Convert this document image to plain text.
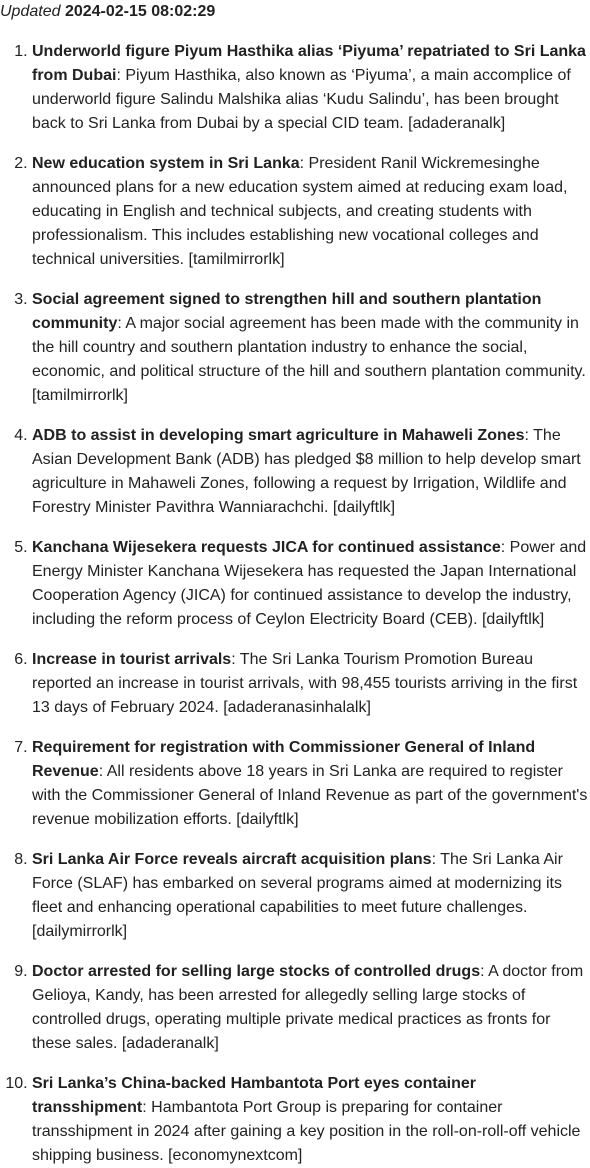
Updated 2024-02-15 08:02:29
1. Underworld figure Piyum Hasthika alias ‘Piyuma’ repatriated to Sri Lanka from Dubai: Piyum Hasthika, also known as ‘Piyuma’, a main accomplice of underworld figure Salindu Malshika alias ‘Kudu Salindu’, has been brought back to Sri Lanka from Dubai by a special CID team. [adaderanalk]
2. New education system in Sri Lanka: President Ranil Wickremesinghe announced plans for a new education system aimed at reducing exam load, educating in English and technical subjects, and creating students with professionalism. This includes establishing new vocational colleges and technical universities. [tamilmirrorlk]
3. Social agreement signed to strengthen hill and southern plantation community: A major social agreement has been made with the community in the hill country and southern plantation industry to enhance the social, economic, and political structure of the hill and southern plantation community. [tamilmirrorlk]
4. ADB to assist in developing smart agriculture in Mahaweli Zones: The Asian Development Bank (ADB) has pledged $8 million to help develop smart agriculture in Mahaweli Zones, following a request by Irrigation, Wildlife and Forestry Minister Pavithra Wanniarachchi. [dailyftlk]
5. Kanchana Wijesekera requests JICA for continued assistance: Power and Energy Minister Kanchana Wijesekera has requested the Japan International Cooperation Agency (JICA) for continued assistance to develop the industry, including the reform process of Ceylon Electricity Board (CEB). [dailyftlk]
6. Increase in tourist arrivals: The Sri Lanka Tourism Promotion Bureau reported an increase in tourist arrivals, with 98,455 tourists arriving in the first 13 days of February 2024. [adaderanasinhalalk]
7. Requirement for registration with Commissioner General of Inland Revenue: All residents above 18 years in Sri Lanka are required to register with the Commissioner General of Inland Revenue as part of the government's revenue mobilization efforts. [dailyftlk]
8. Sri Lanka Air Force reveals aircraft acquisition plans: The Sri Lanka Air Force (SLAF) has embarked on several programs aimed at modernizing its fleet and enhancing operational capabilities to meet future challenges. [dailymirrorlk]
9. Doctor arrested for selling large stocks of controlled drugs: A doctor from Gelioya, Kandy, has been arrested for allegedly selling large stocks of controlled drugs, operating multiple private medical practices as fronts for these sales. [adaderanalk]
10. Sri Lanka’s China-backed Hambantota Port eyes container transshipment: Hambantota Port Group is preparing for container transshipment in 2024 after gaining a key position in the roll-on-roll-off vehicle shipping business. [economynextcom]
